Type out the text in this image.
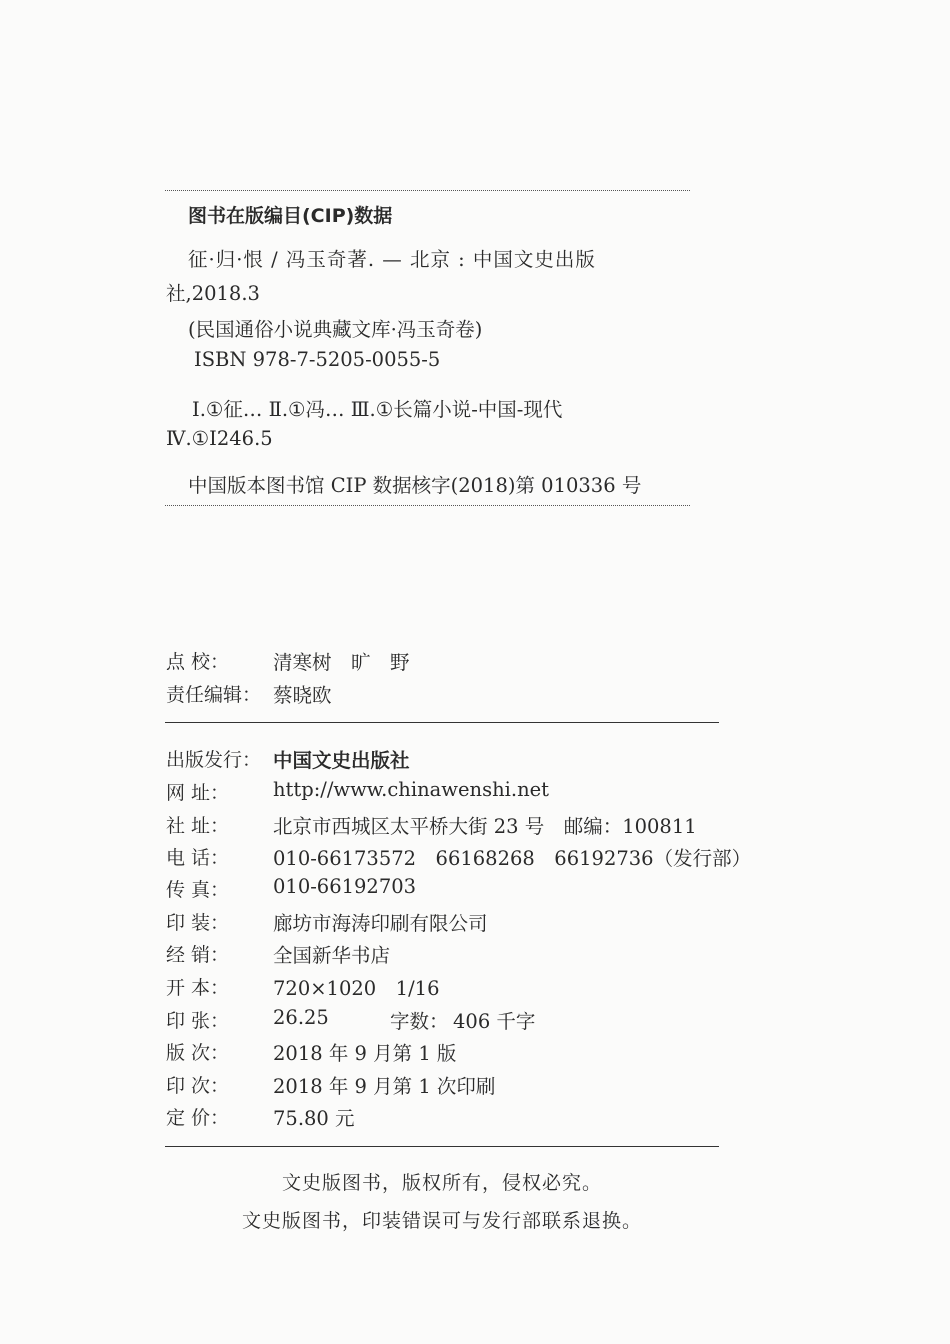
图书在版编目(CIP)数据
征·归·恨 / 冯玉奇著. — 北京 : 中国文史出版
社,2018.3
(民国通俗小说典藏文库·冯玉奇卷)
ISBN 978-7-5205-0055-5
Ⅰ.①征… Ⅱ.①冯… Ⅲ.①长篇小说-中国-现代
Ⅳ.①I246.5
中国版本图书馆 CIP 数据核字(2018)第 010336 号
点 校： 清寒树　旷　野
责任编辑： 蔡晓欧
出版发行： 中国文史出版社
网 址：	http://www.chinawenshi.net
社 址：	北京市西城区太平桥大街 23 号　邮编：100811
电 话：	010-66173572　66168268　66192736（发行部）
传 真：	010-66192703
印 装：	廊坊市海涛印刷有限公司
经 销：	全国新华书店
开 本：	720×1020　1/16
印 张：	26.25	字数： 406 千字
版 次：	2018 年 9 月第 1 版
印 次：	2018 年 9 月第 1 次印刷
定 价：	75.80 元
文史版图书，版权所有，侵权必究。
文史版图书，印装错误可与发行部联系退换。
